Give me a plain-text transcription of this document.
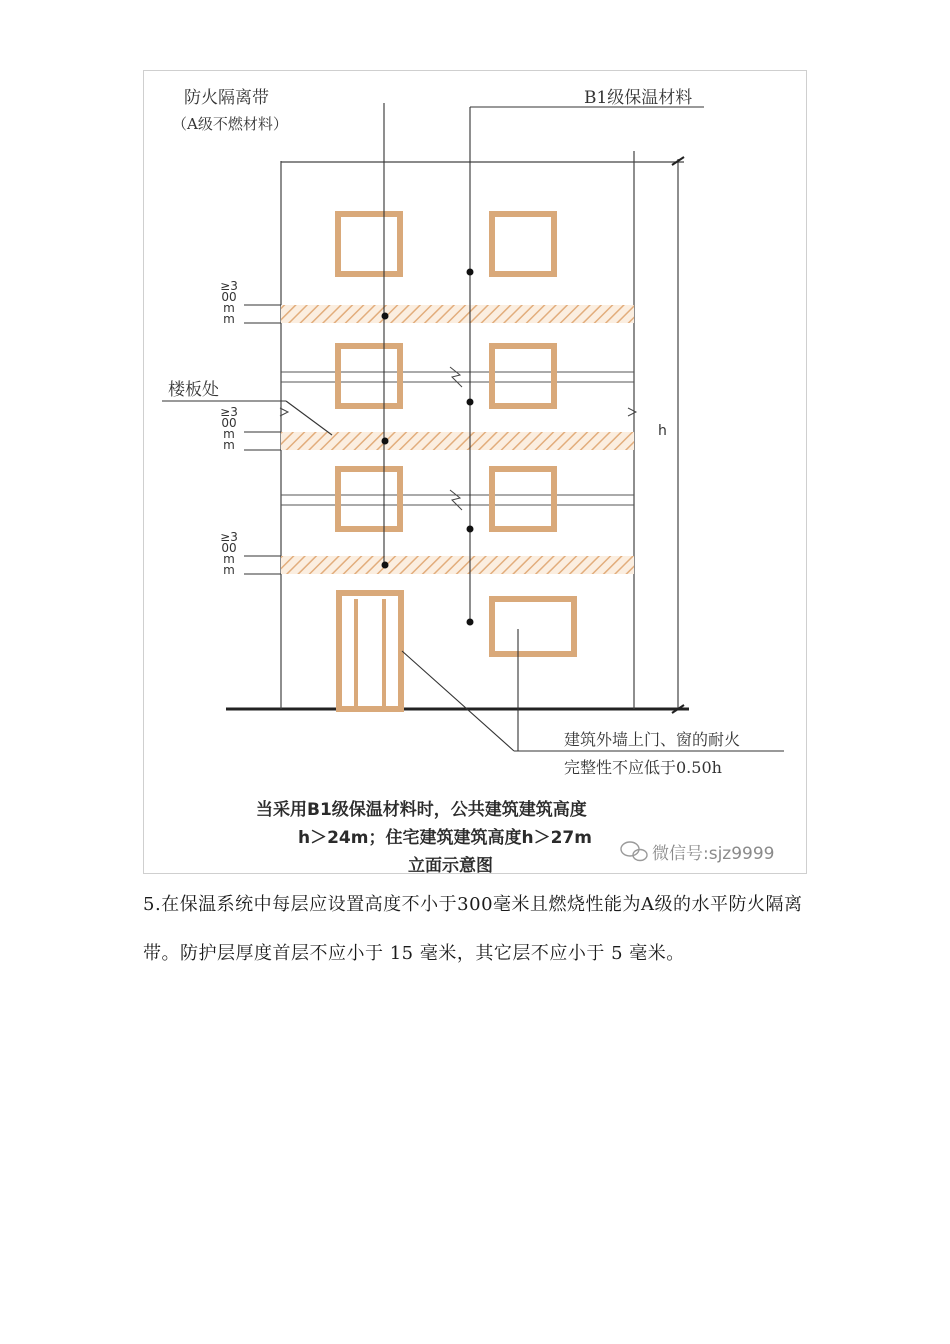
防火隔离带
（A级不燃材料）
B1级保温材料
楼板处
≥300mm
≥300mm
≥300mm
h
建筑外墙上门、窗的耐火
完整性不应低于0.50h
当采用B1级保温材料时，公共建筑建筑高度
h＞24m；住宅建筑建筑高度h＞27m
立面示意图
微信号:sjz9999

5.在保温系统中每层应设置高度不小于300毫米且燃烧性能为A级的水平防火隔离带。防护层厚度首层不应小于 15 毫米，其它层不应小于 5 毫米。
